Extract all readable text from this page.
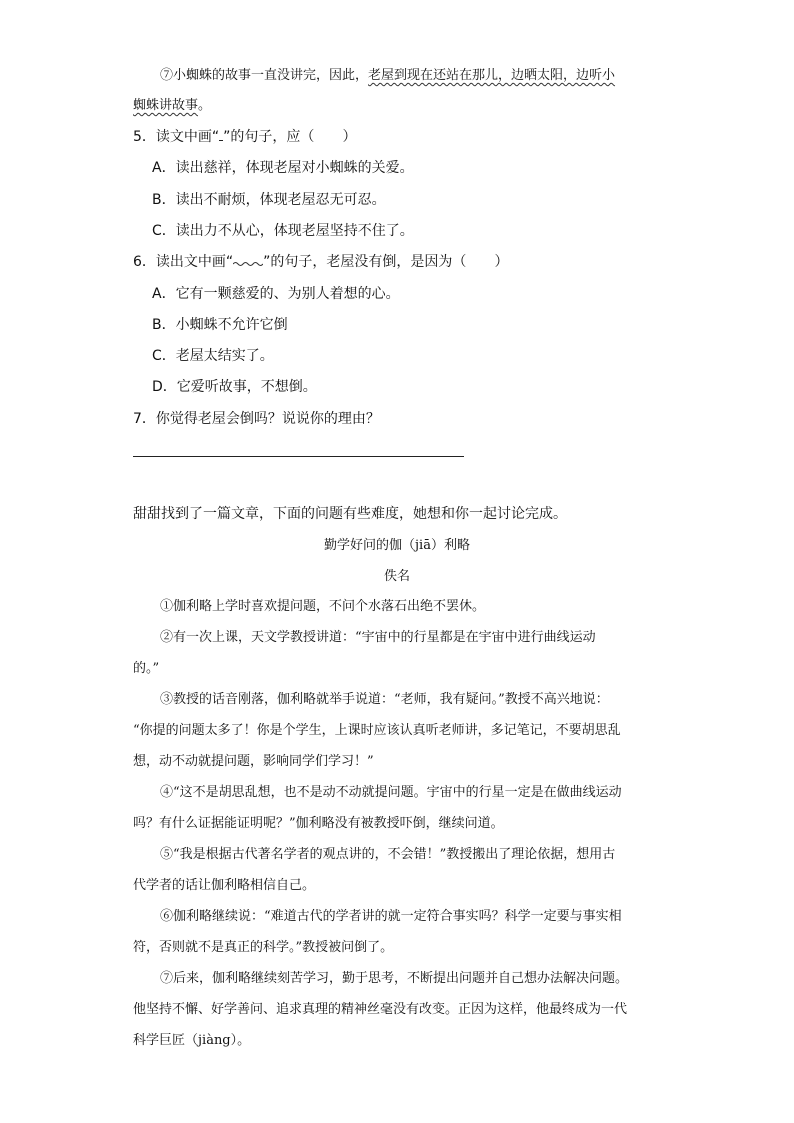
⑦小蜘蛛的故事一直没讲完，因此，老屋到现在还站在那儿，边晒太阳，边听小
蜘蛛讲故事。
5．读文中画“ ”的句子，应（ ）
A．读出慈祥，体现老屋对小蜘蛛的关爱。
B．读出不耐烦，体现老屋忍无可忍。
C．读出力不从心，体现老屋坚持不住了。
6．读出文中画“ ”的句子，老屋没有倒，是因为（ ）
A．它有一颗慈爱的、为别人着想的心。
B．小蜘蛛不允许它倒
C．老屋太结实了。
D．它爱听故事，不想倒。
7．你觉得老屋会倒吗？说说你的理由？
甜甜找到了一篇文章，下面的问题有些难度，她想和你一起讨论完成。
勤学好问的伽（jiā）利略
佚名
①伽利略上学时喜欢提问题，不问个水落石出绝不罢休。
②有一次上课，天文学教授讲道：“宇宙中的行星都是在宇宙中进行曲线运动
的。”
③教授的话音刚落，伽利略就举手说道：“老师，我有疑问。”教授不高兴地说：
“你提的问题太多了！你是个学生，上课时应该认真听老师讲，多记笔记，不要胡思乱
想，动不动就提问题，影响同学们学习！”
④“这不是胡思乱想，也不是动不动就提问题。宇宙中的行星一定是在做曲线运动
吗？有什么证据能证明呢？”伽利略没有被教授吓倒，继续问道。
⑤“我是根据古代著名学者的观点讲的，不会错！”教授搬出了理论依据，想用古
代学者的话让伽利略相信自己。
⑥伽利略继续说：“难道古代的学者讲的就一定符合事实吗？科学一定要与事实相
符，否则就不是真正的科学。”教授被问倒了。
⑦后来，伽利略继续刻苦学习，勤于思考，不断提出问题并自己想办法解决问题。
他坚持不懈、好学善问、追求真理的精神丝毫没有改变。正因为这样，他最终成为一代
科学巨匠（jiàng）。
